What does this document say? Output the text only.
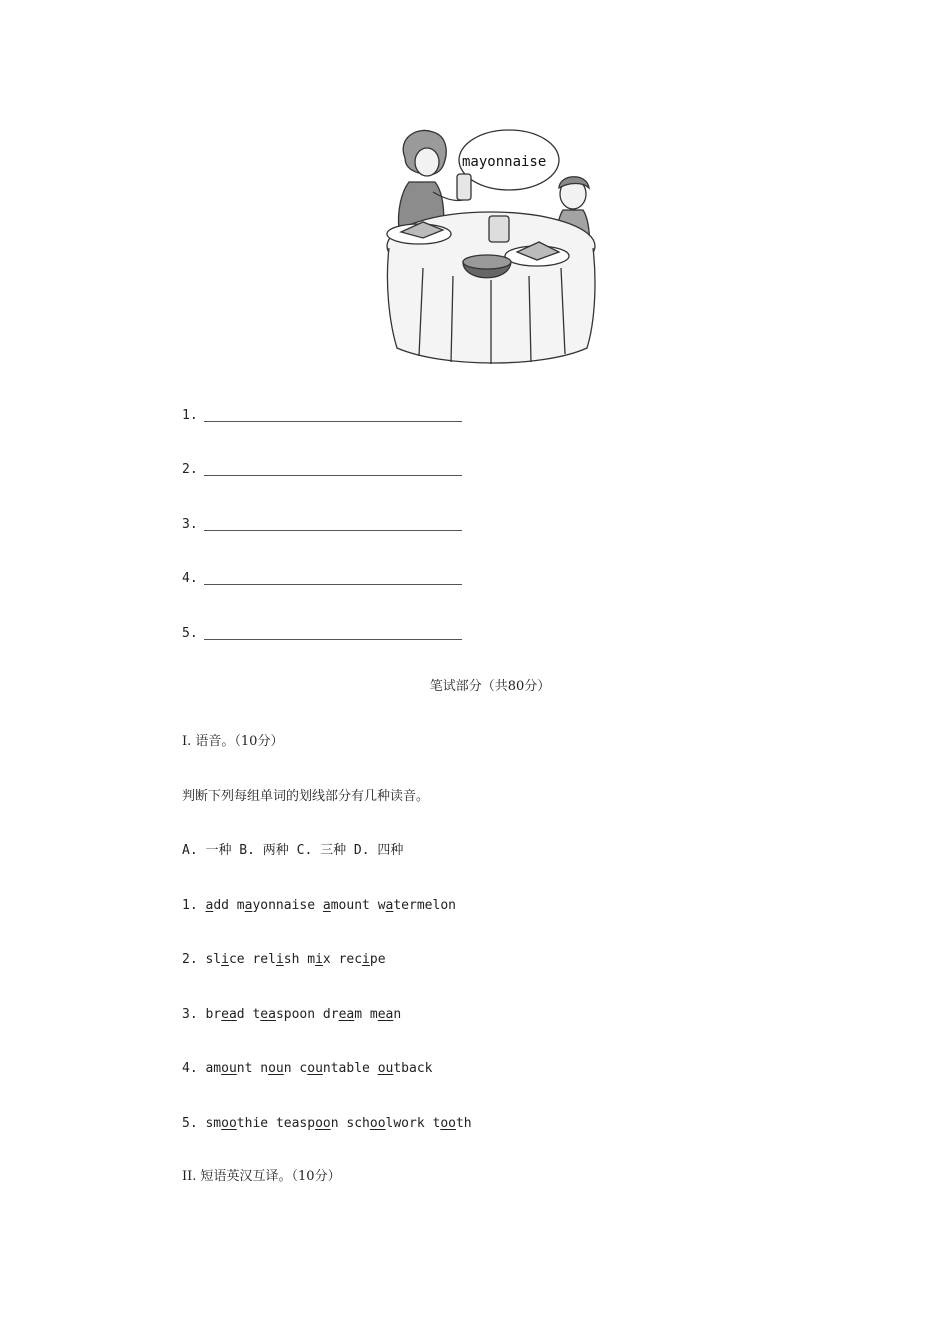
mayonnaise
1.
2.
3.
4.
5.
笔试部分（共80分）
I. 语音。（10分）
判断下列每组单词的划线部分有几种读音。
A. 一种 B. 两种 C. 三种 D. 四种
1. add mayonnaise amount watermelon
2. slice relish mix recipe
3. bread teaspoon dream mean
4. amount noun countable outback
5. smoothie teaspoon schoolwork tooth
II. 短语英汉互译。（10分）
